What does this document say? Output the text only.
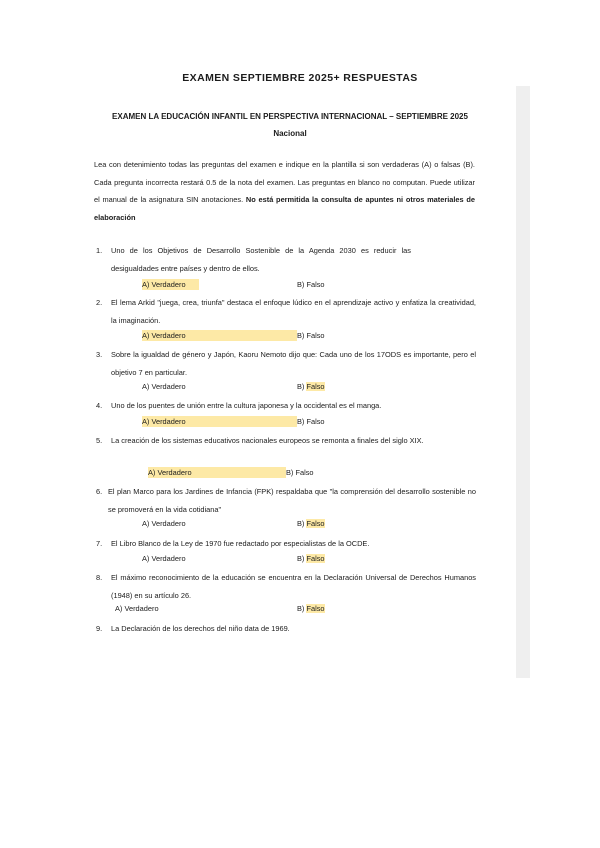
EXAMEN SEPTIEMBRE 2025+ RESPUESTAS
EXAMEN LA EDUCACIÓN INFANTIL EN PERSPECTIVA INTERNACIONAL – SEPTIEMBRE 2025
Nacional
Lea con detenimiento todas las preguntas del examen e indique en la plantilla si son verdaderas (A) o falsas (B). Cada pregunta incorrecta restará 0.5 de la nota del examen. Las preguntas en blanco no computan. Puede utilizar el manual de la asignatura SIN anotaciones. No está permitida la consulta de apuntes ni otros materiales de elaboración
1. Uno de los Objetivos de Desarrollo Sostenible de la Agenda 2030 es reducir las desigualdades entre países y dentro de ellos.
A) Verdadero	B) Falso
2. El lema Arkid "juega, crea, triunfa" destaca el enfoque lúdico en el aprendizaje activo y enfatiza la creatividad, la imaginación.
A) Verdadero	B) Falso
3. Sobre la igualdad de género y Japón, Kaoru Nemoto dijo que: Cada uno de los 17ODS es importante, pero el objetivo 7 en particular.
A) Verdadero	B) Falso
4. Uno de los puentes de unión entre la cultura japonesa y la occidental es el manga.
A) Verdadero	B) Falso
5. La creación de los sistemas educativos nacionales europeos se remonta a finales del siglo XIX.
A) Verdadero	B) Falso
6. El plan Marco para los Jardines de Infancia (FPK) respaldaba que "la comprensión del desarrollo sostenible no se promoverá en la vida cotidiana"
A) Verdadero	B) Falso
7. El Libro Blanco de la Ley de 1970 fue redactado por especialistas de la OCDE.
A) Verdadero	B) Falso
8. El máximo reconocimiento de la educación se encuentra en la Declaración Universal de Derechos Humanos (1948) en su artículo 26.
A) Verdadero	B) Falso
9. La Declaración de los derechos del niño data de 1969.
